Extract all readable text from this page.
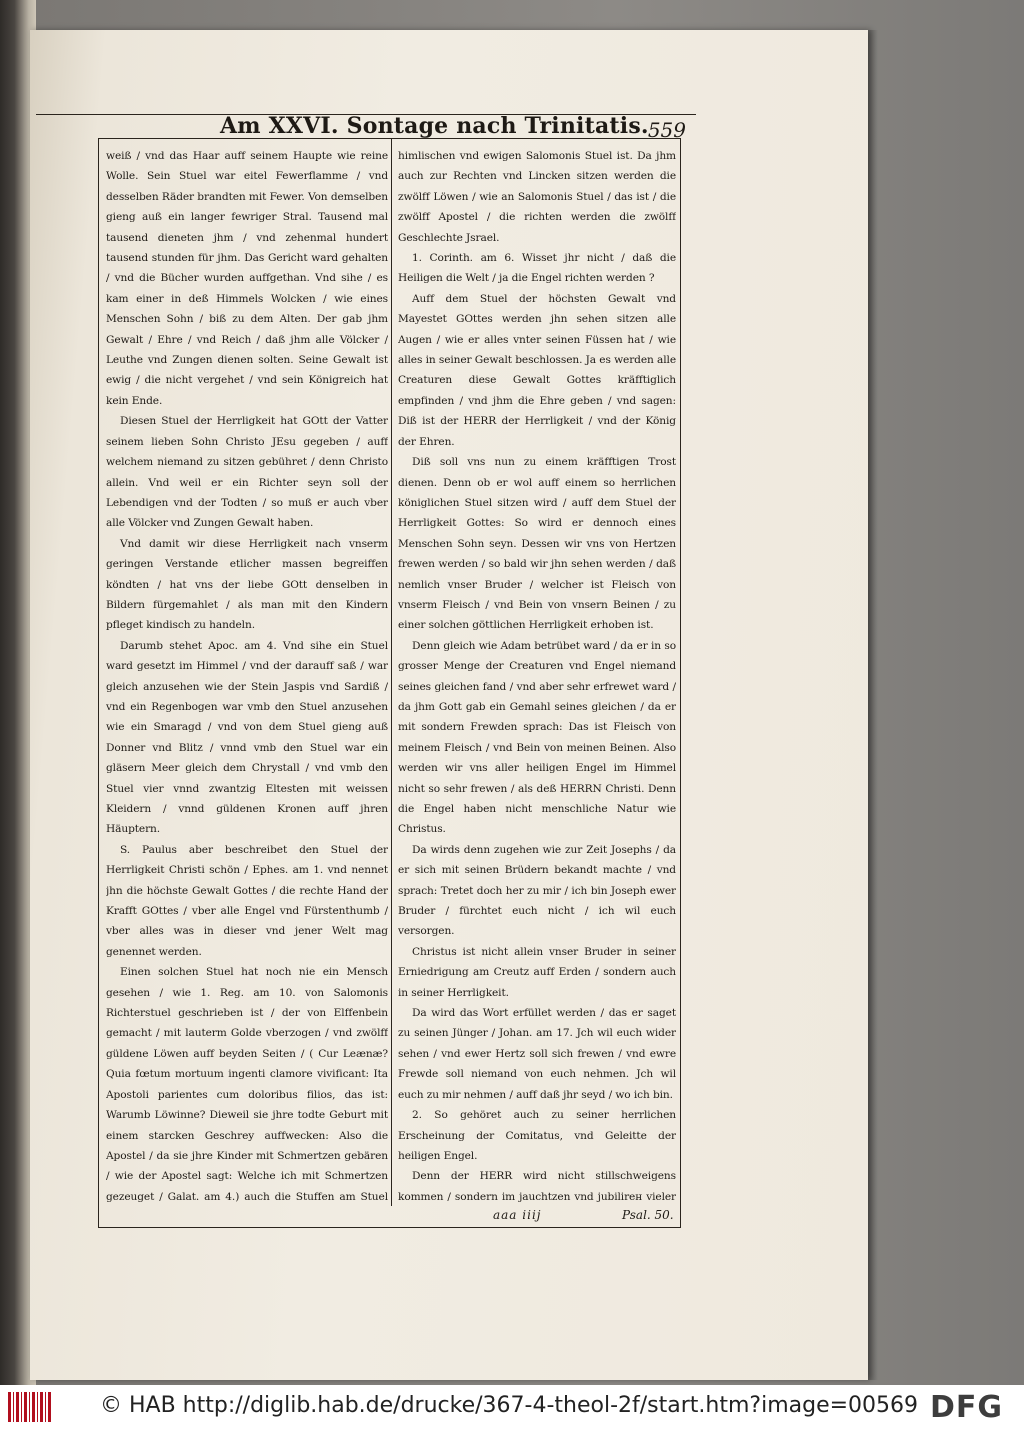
Am XXVI. Sontage nach Trinitatis. 559

weiß / vnd das Haar auff seinem Haupte wie reine Wolle. Sein Stuel war eitel Fewerflamme / vnd desselben Räder brandten mit Fewer. Von demselben gieng auß ein langer fewriger Stral. Tausend mal tausend dieneten jhm / vnd zehenmal hundert tausend stunden für jhm. Das Gericht ward gehalten / vnd die Bücher wurden auffgethan. Vnd sihe / es kam einer in deß Himmels Wolcken / wie eines Menschen Sohn / biß zu dem Alten. Der gab jhm Gewalt / Ehre / vnd Reich / daß jhm alle Völcker / Leuthe vnd Zungen dienen solten. Seine Gewalt ist ewig / die nicht vergehet / vnd sein Königreich hat kein Ende.

Diesen Stuel der Herrligkeit hat GOtt der Vatter seinem lieben Sohn Christo JEsu gegeben / auff welchem niemand zu sitzen gebühret / denn Christo allein. Vnd weil er ein Richter seyn soll der Lebendigen vnd der Todten / so muß er auch vber alle Völcker vnd Zungen Gewalt haben.

Vnd damit wir diese Herrligkeit nach vnserm geringen Verstande etlicher massen begreiffen köndten / hat vns der liebe GOtt denselben in Bildern fürgemahlet / als man mit den Kindern pfleget kindisch zu handeln.

Darumb stehet Apoc. am 4. Vnd sihe ein Stuel ward gesetzt im Himmel / vnd der darauff saß / war gleich anzusehen wie der Stein Jaspis vnd Sardiß / vnd ein Regenbogen war vmb den Stuel anzusehen wie ein Smaragd / vnd von dem Stuel gieng auß Donner vnd Blitz / vnnd vmb den Stuel war ein gläsern Meer gleich dem Chrystall / vnd vmb den Stuel vier vnnd zwantzig Eltesten mit weissen Kleidern / vnnd güldenen Kronen auff jhren Häuptern.

S. Paulus aber beschreibet den Stuel der Herrligkeit Christi schön / Ephes. am 1. vnd nennet jhn die höchste Gewalt Gottes / die rechte Hand der Krafft GOttes / vber alle Engel vnd Fürstenthumb / vber alles was in dieser vnd jener Welt mag genennet werden.

Einen solchen Stuel hat noch nie ein Mensch gesehen / wie 1. Reg. am 10. von Salomonis Richterstuel geschrieben ist / der von Elffenbein gemacht / mit lauterm Golde vberzogen / vnd zwölff güldene Löwen auff beyden Seiten / ( Cur Leænæ? Quia fœtum mortuum ingenti clamore vivificant: Ita Apostoli parientes cum doloribus filios, das ist: Warumb Löwinne? Dieweil sie jhre todte Geburt mit einem starcken Geschrey auffwecken: Also die Apostel / da sie jhre Kinder mit Schmertzen gebären / wie der Apostel sagt: Welche ich mit Schmertzen gezeuget / Galat. am 4.) auch die Stuffen am Stuel

himlischen vnd ewigen Salomonis Stuel ist. Da jhm auch zur Rechten vnd Lincken sitzen werden die zwölff Löwen / wie an Salomonis Stuel / das ist / die zwölff Apostel / die richten werden die zwölff Geschlechte Jsrael.

1. Corinth. am 6. Wisset jhr nicht / daß die Heiligen die Welt / ja die Engel richten werden ?

Auff dem Stuel der höchsten Gewalt vnd Mayestet GOttes werden jhn sehen sitzen alle Augen / wie er alles vnter seinen Füssen hat / wie alles in seiner Gewalt beschlossen. Ja es werden alle Creaturen diese Gewalt Gottes kräfftiglich empfinden / vnd jhm die Ehre geben / vnd sagen: Diß ist der HERR der Herrligkeit / vnd der König der Ehren.

Diß soll vns nun zu einem kräfftigen Trost dienen. Denn ob er wol auff einem so herrlichen königlichen Stuel sitzen wird / auff dem Stuel der Herrligkeit Gottes: So wird er dennoch eines Menschen Sohn seyn. Dessen wir vns von Hertzen frewen werden / so bald wir jhn sehen werden / daß nemlich vnser Bruder / welcher ist Fleisch von vnserm Fleisch / vnd Bein von vnsern Beinen / zu einer solchen göttlichen Herrligkeit erhoben ist.

Denn gleich wie Adam betrübet ward / da er in so grosser Menge der Creaturen vnd Engel niemand seines gleichen fand / vnd aber sehr erfrewet ward / da jhm Gott gab ein Gemahl seines gleichen / da er mit sondern Frewden sprach: Das ist Fleisch von meinem Fleisch / vnd Bein von meinen Beinen. Also werden wir vns aller heiligen Engel im Himmel nicht so sehr frewen / als deß HERRN Christi. Denn die Engel haben nicht menschliche Natur wie Christus.

Da wirds denn zugehen wie zur Zeit Josephs / da er sich mit seinen Brüdern bekandt machte / vnd sprach: Tretet doch her zu mir / ich bin Joseph ewer Bruder / fürchtet euch nicht / ich wil euch versorgen.

Christus ist nicht allein vnser Bruder in seiner Erniedrigung am Creutz auff Erden / sondern auch in seiner Herrligkeit.

Da wird das Wort erfüllet werden / das er saget zu seinen Jünger / Johan. am 17. Jch wil euch wider sehen / vnd ewer Hertz soll sich frewen / vnd ewre Frewde soll niemand von euch nehmen. Jch wil euch zu mir nehmen / auff daß jhr seyd / wo ich bin.

2. So gehöret auch zu seiner herrlichen Erscheinung der Comitatus, vnd Geleitte der heiligen Engel.

Denn der HERR wird nicht stillschweigens kommen / sondern im jauchtzen vnd jubilirен vieler

aaa iiij	Psal. 50.
© HAB http://diglib.hab.de/drucke/367-4-theol-2f/start.htm?image=00569 DFG
